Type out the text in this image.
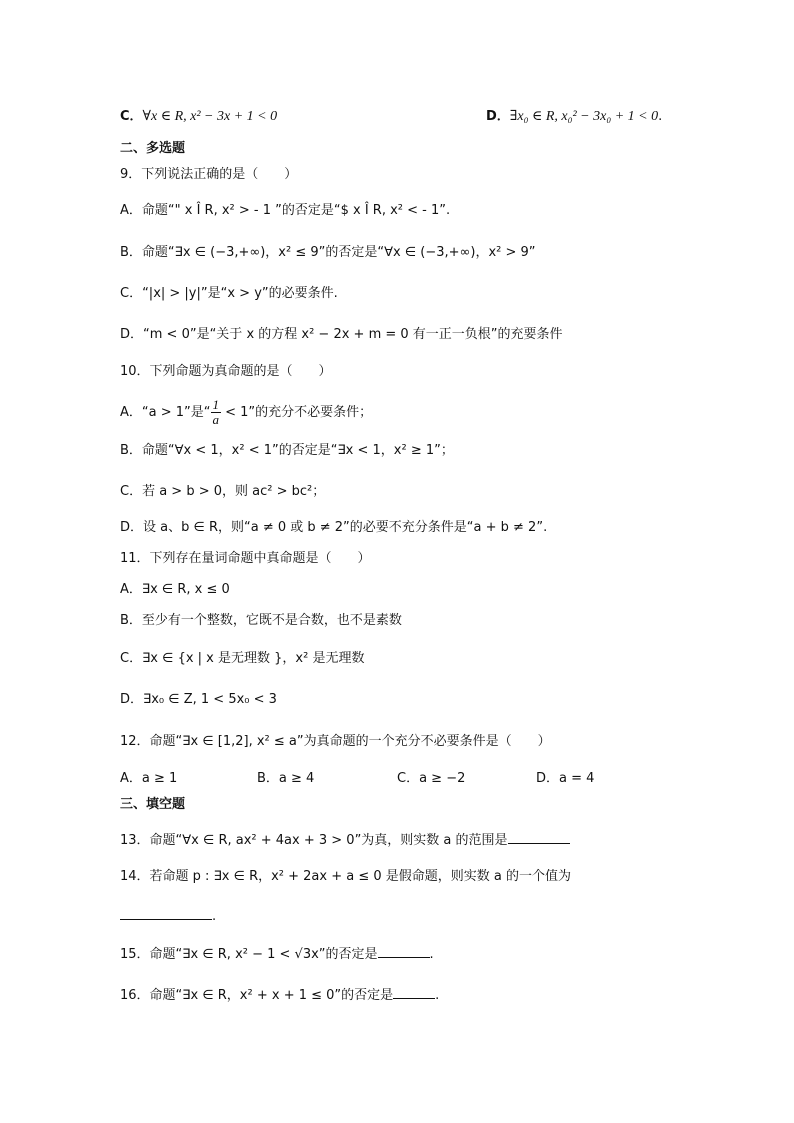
C．∀x ∈ R, x² − 3x + 1 < 0	D．∃x₀ ∈ R, x₀² − 3x₀ + 1 < 0.
二、多选题
9．下列说法正确的是（　　）
A．命题“" x Î R, x² > - 1 ”的否定是“$ x Î R, x² < - 1”.
B．命题“∃x ∈ (−3,+∞)，x² ≤ 9”的否定是“∀x ∈ (−3,+∞)，x² > 9”
C．“|x| > |y|”是“x > y”的必要条件.
D．“m < 0”是“关于 x 的方程 x² − 2x + m = 0 有一正一负根”的充要条件
10．下列命题为真命题的是（　　）
A．“a > 1”是“ $\frac{1}{a} < 1$”的充分不必要条件；
B．命题“∀x < 1，x² < 1”的否定是“∃x < 1，x² ≥ 1”；
C．若 a > b > 0，则 ac² > bc²；
D．设 a、b ∈ R，则“a ≠ 0 或 b ≠ 2”的必要不充分条件是“a + b ≠ 2”.
11．下列存在量词命题中真命题是（　　）
A．∃x ∈ R, x ≤ 0
B．至少有一个整数，它既不是合数，也不是素数
C．∃x ∈ {x | x 是无理数 }，x² 是无理数
D．∃x₀ ∈ Z, 1 < 5x₀ < 3
12．命题“∃x ∈ [1,2], x² ≤ a”为真命题的一个充分不必要条件是（　　）
A．a ≥ 1	B．a ≥ 4	C．a ≥ −2	D．a = 4
三、填空题
13．命题“∀x ∈ R, ax² + 4ax + 3 > 0”为真，则实数 a 的范围是
14．若命题 p : ∃x ∈ R，x² + 2ax + a ≤ 0 是假命题，则实数 a 的一个值为
.
15．命题“∃x ∈ R, x² − 1 < √3x”的否定是	.
16．命题“∃x ∈ R，x² + x + 1 ≤ 0”的否定是	.
